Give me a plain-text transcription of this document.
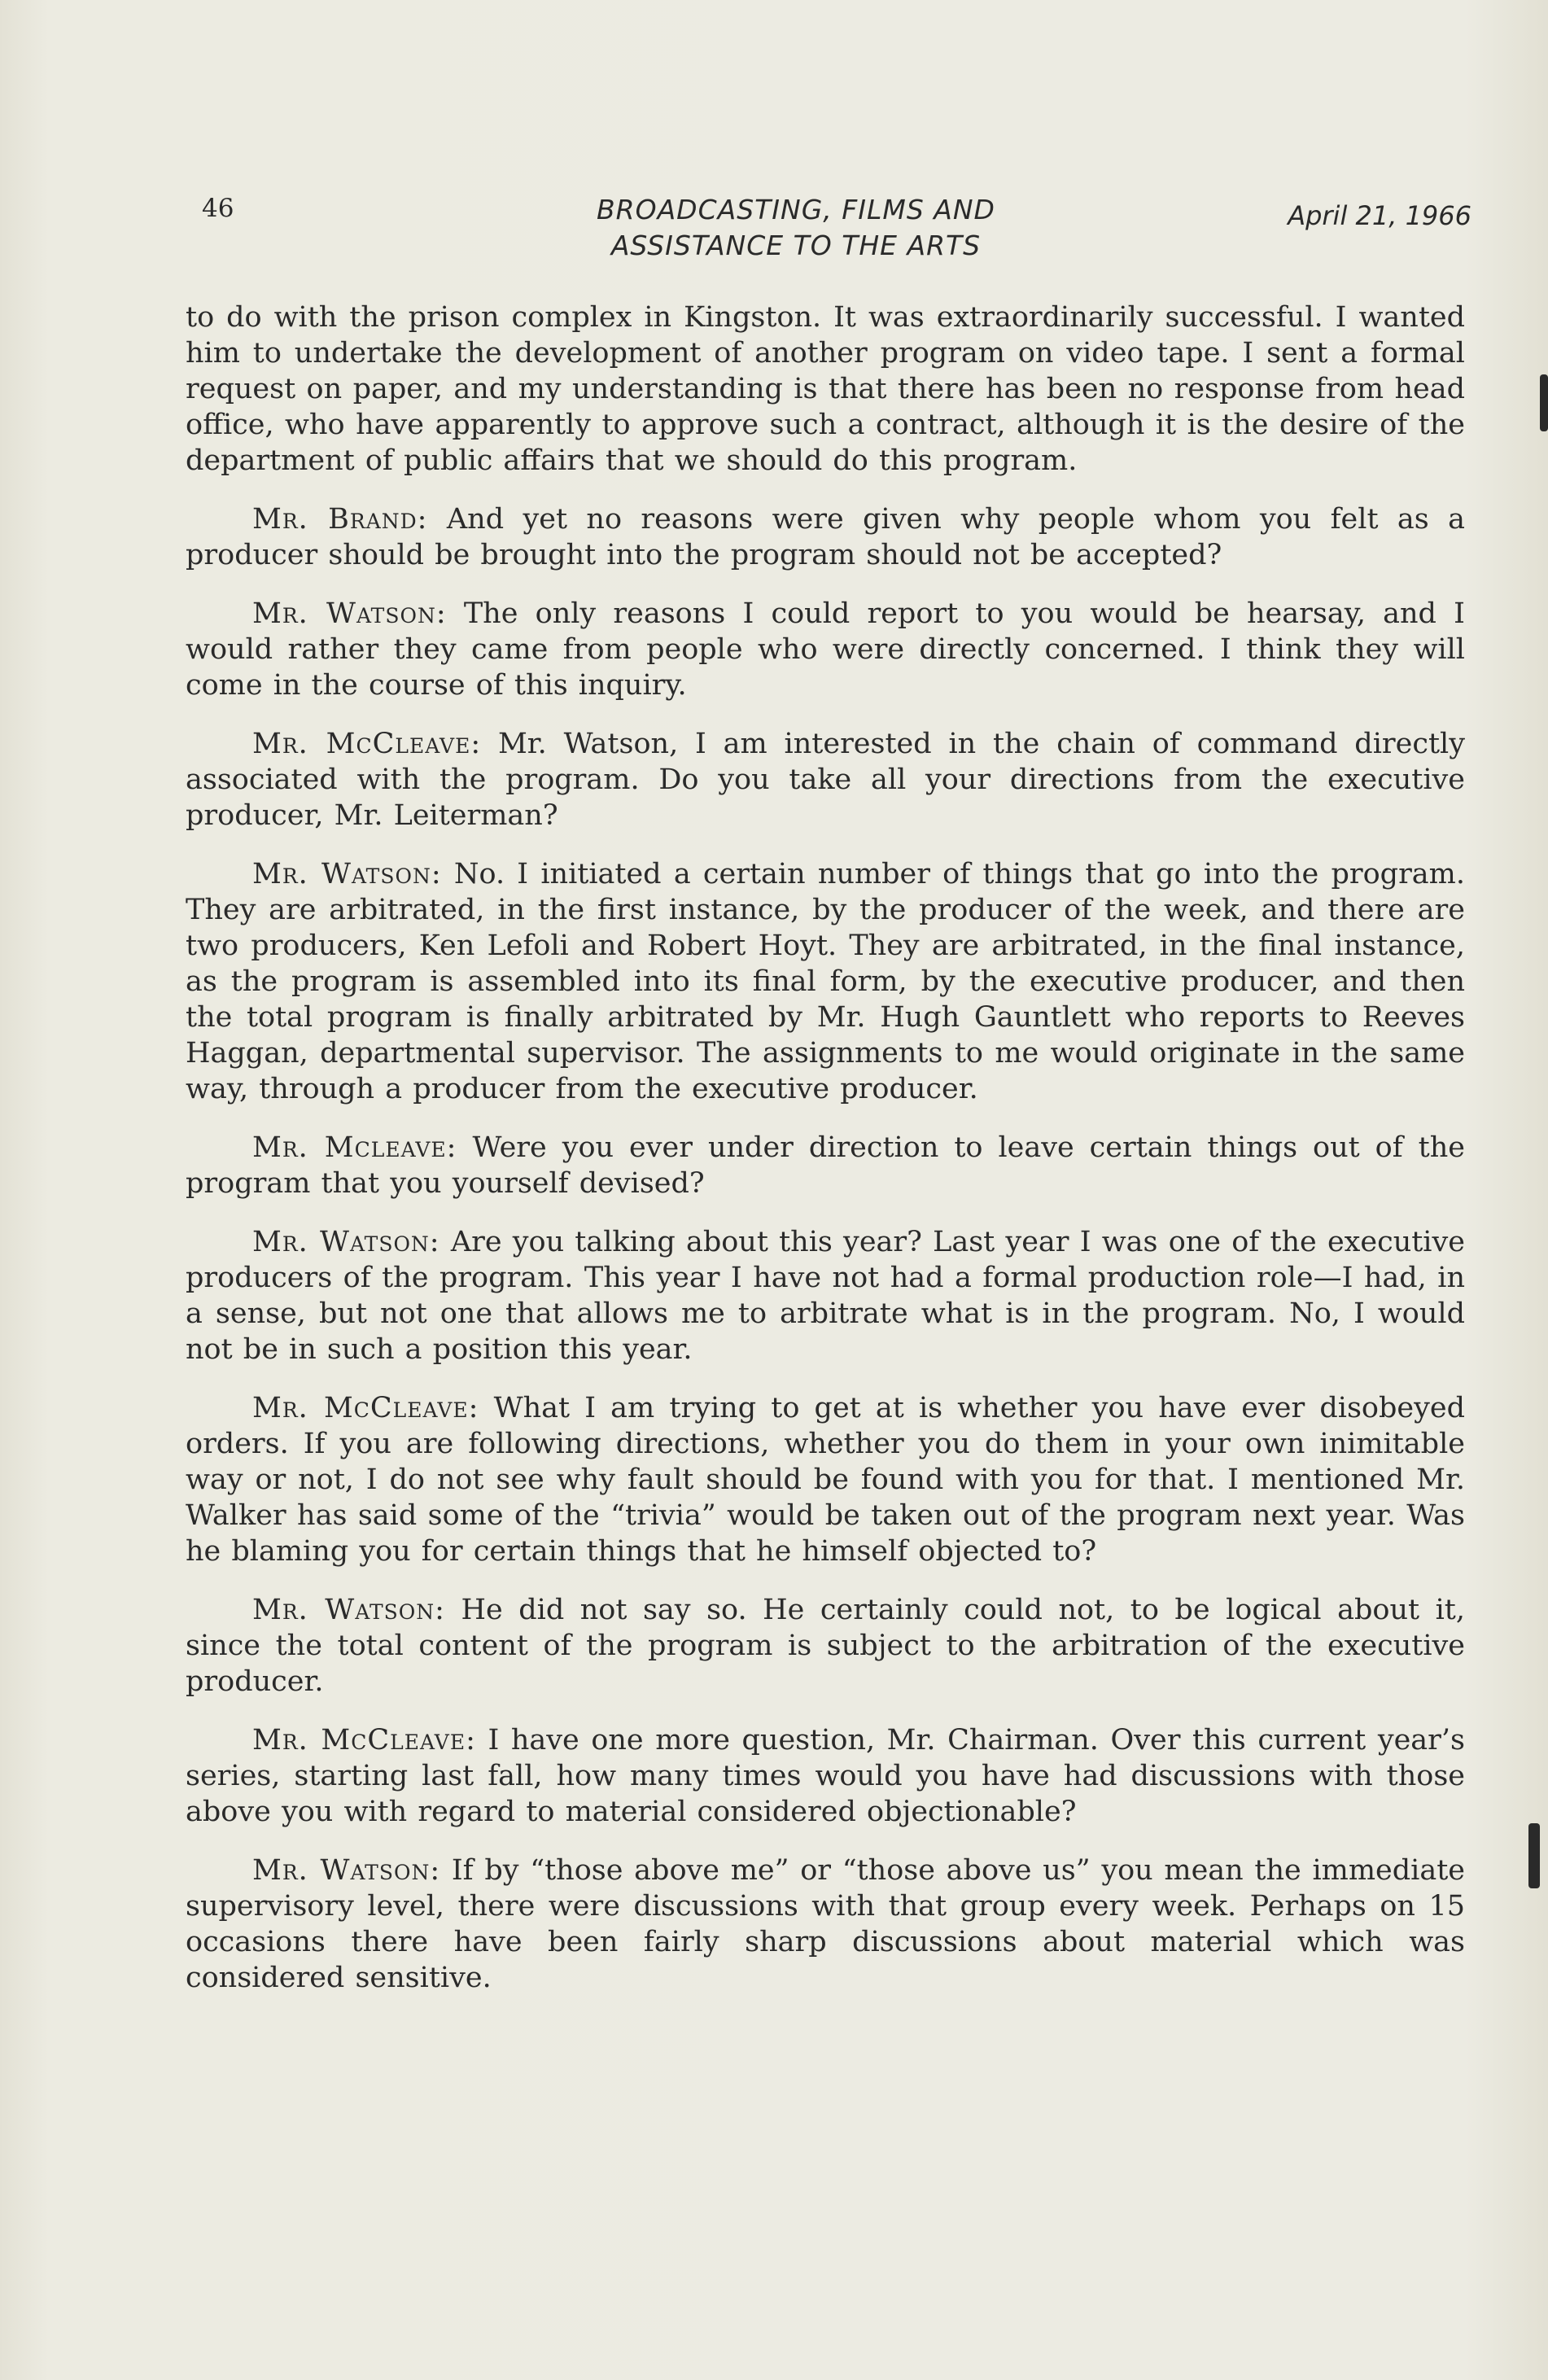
46	BROADCASTING, FILMS AND
ASSISTANCE TO THE ARTS
April 21, 1966

to do with the prison complex in Kingston. It was extraordinarily successful. I wanted him to undertake the development of another program on video tape. I sent a formal request on paper, and my understanding is that there has been no response from head office, who have apparently to approve such a contract, although it is the desire of the department of public affairs that we should do this program.

Mr. Brand: And yet no reasons were given why people whom you felt as a producer should be brought into the program should not be accepted?

Mr. Watson: The only reasons I could report to you would be hearsay, and I would rather they came from people who were directly concerned. I think they will come in the course of this inquiry.

Mr. McCleave: Mr. Watson, I am interested in the chain of command directly associated with the program. Do you take all your directions from the executive producer, Mr. Leiterman?

Mr. Watson: No. I initiated a certain number of things that go into the program. They are arbitrated, in the first instance, by the producer of the week, and there are two producers, Ken Lefoli and Robert Hoyt. They are arbitrated, in the final instance, as the program is assembled into its final form, by the executive producer, and then the total program is finally arbitrated by Mr. Hugh Gauntlett who reports to Reeves Haggan, departmental supervisor. The assignments to me would originate in the same way, through a producer from the executive producer.

Mr. Mcleave: Were you ever under direction to leave certain things out of the program that you yourself devised?

Mr. Watson: Are you talking about this year? Last year I was one of the executive producers of the program. This year I have not had a formal production role—I had, in a sense, but not one that allows me to arbitrate what is in the program. No, I would not be in such a position this year.

Mr. McCleave: What I am trying to get at is whether you have ever disobeyed orders. If you are following directions, whether you do them in your own inimitable way or not, I do not see why fault should be found with you for that. I mentioned Mr. Walker has said some of the “trivia” would be taken out of the program next year. Was he blaming you for certain things that he himself objected to?

Mr. Watson: He did not say so. He certainly could not, to be logical about it, since the total content of the program is subject to the arbitration of the executive producer.

Mr. McCleave: I have one more question, Mr. Chairman. Over this current year’s series, starting last fall, how many times would you have had discussions with those above you with regard to material considered objectionable?

Mr. Watson: If by “those above me” or “those above us” you mean the immediate supervisory level, there were discussions with that group every week. Perhaps on 15 occasions there have been fairly sharp discussions about material which was considered sensitive.
